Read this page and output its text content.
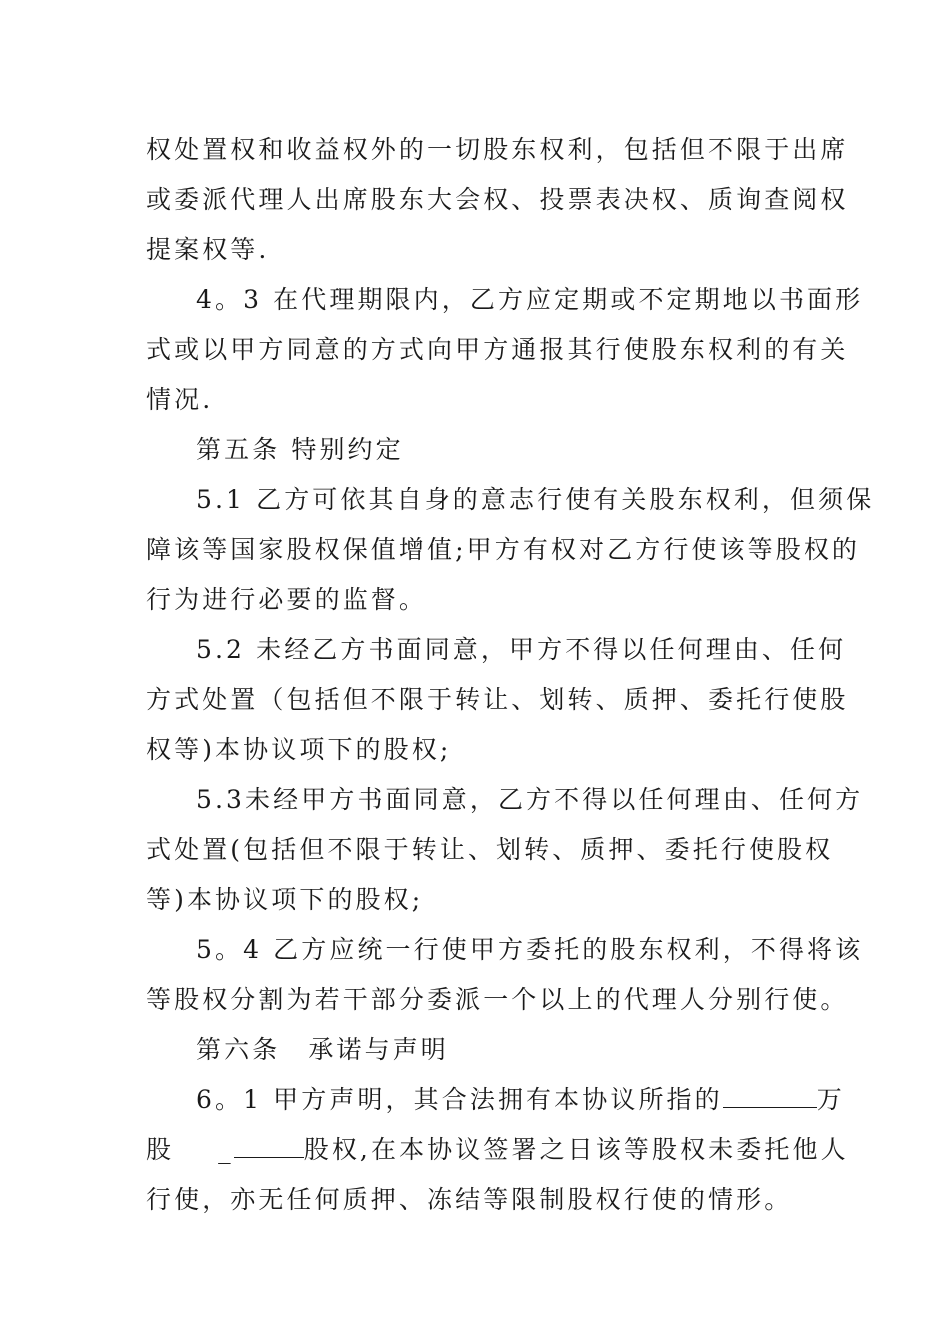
权处置权和收益权外的一切股东权利，包括但不限于出席
或委派代理人出席股东大会权、投票表决权、质询查阅权
提案权等.
4。3 在代理期限内，乙方应定期或不定期地以书面形
式或以甲方同意的方式向甲方通报其行使股东权利的有关
情况.
第五条 特别约定
5.1 乙方可依其自身的意志行使有关股东权利，但须保
障该等国家股权保值增值;甲方有权对乙方行使该等股权的
行为进行必要的监督。
5.2 未经乙方书面同意，甲方不得以任何理由、任何
方式处置（包括但不限于转让、划转、质押、委托行使股
权等)本协议项下的股权;
5.3未经甲方书面同意，乙方不得以任何理由、任何方
式处置(包括但不限于转让、划转、质押、委托行使股权
等)本协议项下的股权;
5。4 乙方应统一行使甲方委托的股东权利，不得将该
等股权分割为若干部分委派一个以上的代理人分别行使。
第六条　承诺与声明
6。1 甲方声明，其合法拥有本协议所指的	万
股 _	股权,在本协议签署之日该等股权未委托他人
行使，亦无任何质押、冻结等限制股权行使的情形。
